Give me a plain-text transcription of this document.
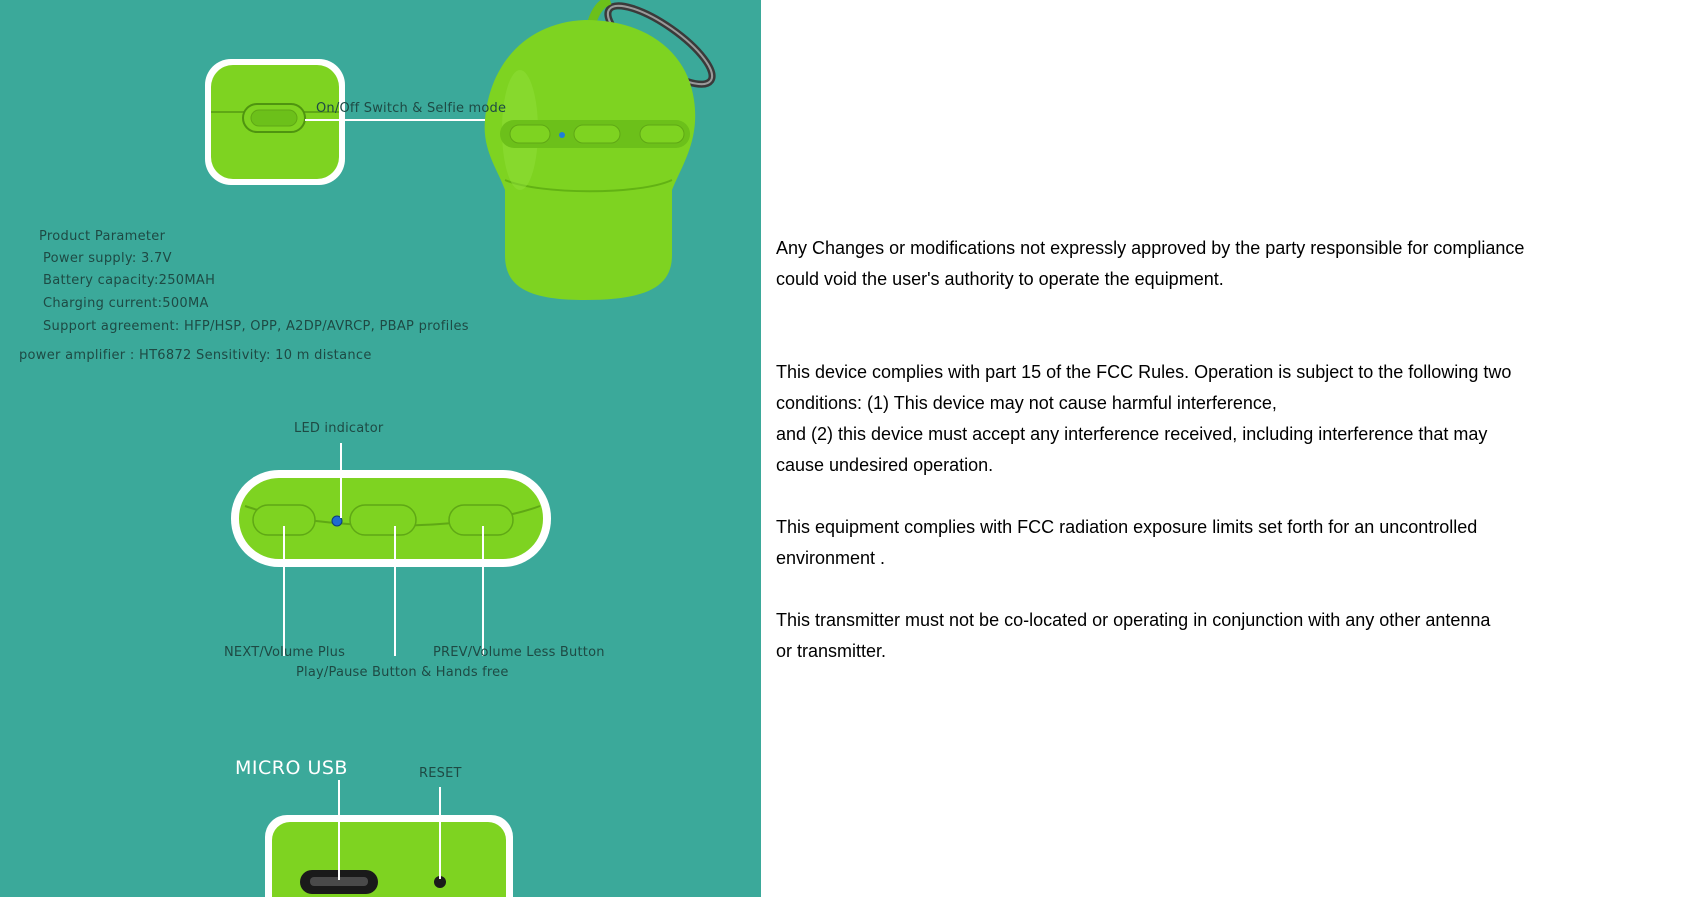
On/Off Switch & Selfie mode
LED indicator
NEXT/Volume Plus	PREV/Volume Less Button
Play/Pause Button & Hands free
MICRO USB	RESET
Product Parameter
Power supply: 3.7V
Battery capacity:250MAH
Charging current:500MA
Support agreement: HFP/HSP, OPP, A2DP/AVRCP, PBAP profiles
power amplifier : HT6872 Sensitivity: 10 m distance

Any Changes or modifications not expressly approved by the party responsible for compliance
could void the user's authority to operate the equipment.

This device complies with part 15 of the FCC Rules. Operation is subject to the following two
conditions: (1) This device may not cause harmful interference,
and (2) this device must accept any interference received, including interference that may
cause undesired operation.

This equipment complies with FCC radiation exposure limits set forth for an uncontrolled
environment .

This transmitter must not be co-located or operating in conjunction with any other antenna
or transmitter.
